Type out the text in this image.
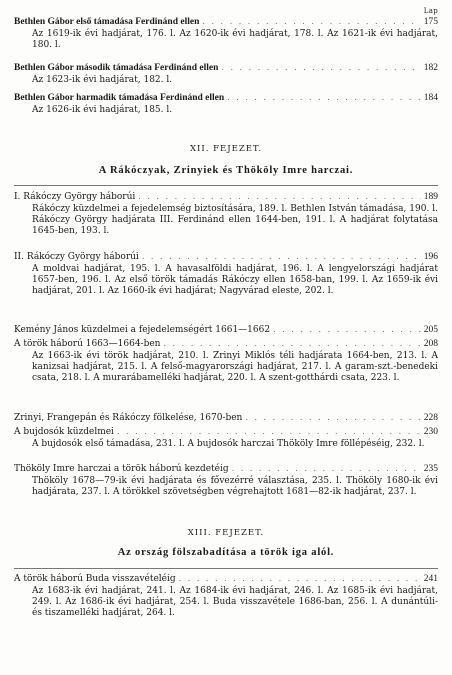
Lap
Bethlen Gábor első támadása Ferdinánd ellen . . .	175
Az 1619-ik évi hadjárat, 176. l. Az 1620-ik évi hadjárat, 178. l. Az 1621-ik évi hadjárat, 180. l.
Bethlen Gábor második támadása Ferdinánd ellen . . .	182
Az 1623-ik évi hadjárat, 182. l.
Bethlen Gábor harmadik támadása Ferdinánd ellen . . .	184
Az 1626-ik évi hadjárat, 185. l.
XII. FEJEZET.
A Rákóczyak, Zrinyiek és Thököly Imre harczai.
I. Rákóczy György háborúi . . .	189
Rákóczy küzdelmei a fejedelemség biztosítására, 189. l. Bethlen István támadása, 190. l. Rákóczy György hadjárata III. Ferdinánd ellen 1644-ben, 191. l. A hadjárat folytatása 1645-ben, 193. l.
II. Rákóczy György háborúi . . .	196
A moldvai hadjárat, 195. l. A havasalföldi hadjárat, 196. l. A lengyelországi hadjárat 1657-ben, 196. l. Az első török támadás Rákóczy ellen 1658-ban, 199. l. Az 1659-ik évi hadjárat, 201. l. Az 1660-ik évi hadjárat; Nagyvárad eleste, 202. l.
Kemény János küzdelmei a fejedelemségért 1661—1662 . . .	205
A török háború 1663—1664-ben . . .	208
Az 1663-ik évi török hadjárat, 210. l. Zrinyi Miklós téli hadjárata 1664-ben, 213. l. A kanizsai hadjárat, 215. l. A felső-magyarországi hadjárat, 217. l. A garam-szt.-benedeki csata, 218. l. A murarábamelléki hadjárat, 220. l. A szent-gotthárdi csata, 223. l.
Zrinyi, Frangepán és Rákóczy fölkelése, 1670-ben . . .	228
A bujdosók küzdelmei . . .	230
A bujdosók első támadása, 231. l. A bujdosók harczai Thököly Imre föllépéséig, 232. l.
Thököly Imre harczai a török háború kezdetéig . . .	235
Thököly 1678—79-ik évi hadjárata és fővezérré választása, 235. l. Thököly 1680-ik évi hadjárata, 237. l. A törökkel szövetségben végrehajtott 1681—82-ik hadjárat, 237. l.
XIII. FEJEZET.
Az ország fölszabadítása a török iga alól.
A török háború Buda visszavételéig . . .	241
Az 1683-ik évi hadjárat, 241. l. Az 1684-ik évi hadjárat, 246. l. Az 1685-ik évi hadjárat, 249. l. Az 1686-ik évi hadjárat, 254. l. Buda visszavétele 1686-ban, 256. l. A dunántúli- és tiszamelléki hadjárat, 264. l.
